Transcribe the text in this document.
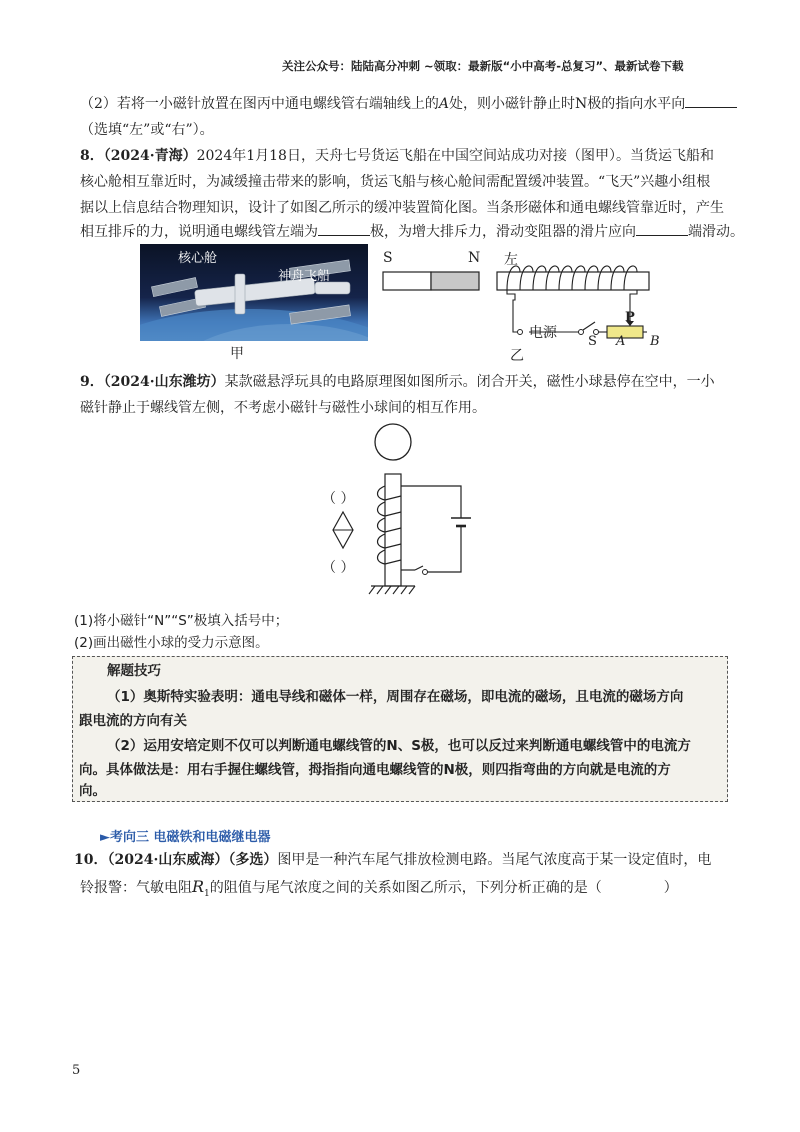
关注公众号：陆陆高分冲刺 ~领取：最新版“小中高考-总复习”、最新试卷下载
（2）若将一小磁针放置在图丙中通电螺线管右端轴线上的A处，则小磁针静止时N极的指向水平向
（选填“左”或“右”）。
8．（2024·青海）2024年1月18日，天舟七号货运飞船在中国空间站成功对接（图甲）。当货运飞船和
核心舱相互靠近时，为减缓撞击带来的影响，货运飞船与核心舱间需配置缓冲装置。“飞天”兴趣小组根
据以上信息结合物理知识，设计了如图乙所示的缓冲装置简化图。当条形磁体和通电螺线管靠近时，产生
相互排斥的力，说明通电螺线管左端为	极，为增大排斥力，滑动变阻器的滑片应向	端滑动。
核心舱
神舟飞船
甲
S	N 左
电源
S
P
A B
乙
9．（2024·山东潍坊）某款磁悬浮玩具的电路原理图如图所示。闭合开关，磁性小球悬停在空中，一小
磁针静止于螺线管左侧，不考虑小磁针与磁性小球间的相互作用。
（ ）
（ ）
(1)将小磁针“N”“S”极填入括号中；
(2)画出磁性小球的受力示意图。
解题技巧
（1）奥斯特实验表明：通电导线和磁体一样，周围存在磁场，即电流的磁场，且电流的磁场方向
跟电流的方向有关
（2）运用安培定则不仅可以判断通电螺线管的N、S极，也可以反过来判断通电螺线管中的电流方
向。具体做法是：用右手握住螺线管，拇指指向通电螺线管的N极，则四指弯曲的方向就是电流的方
向。
►考向三 电磁铁和电磁继电器
10．（2024·山东威海）（多选）图甲是一种汽车尾气排放检测电路。当尾气浓度高于某一设定值时，电
铃报警：气敏电阻$R_1$的阻值与尾气浓度之间的关系如图乙所示，下列分析正确的是（	）
5
